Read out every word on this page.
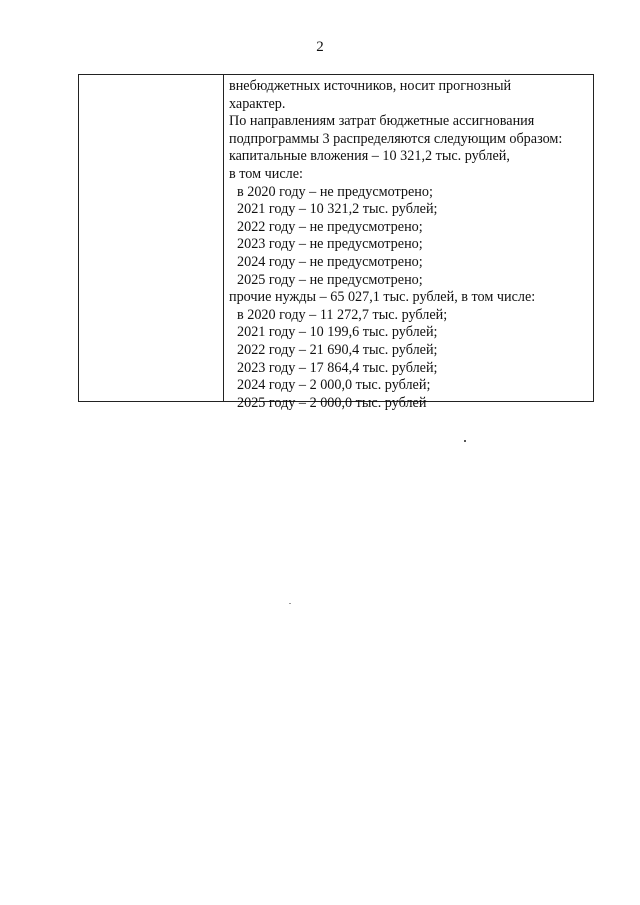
2
внебюджетных источников, носит прогнозный
характер.
По направлениям затрат бюджетные ассигнования
подпрограммы 3 распределяются следующим образом:
капитальные вложения – 10 321,2 тыс. рублей,
в том числе:
в 2020 году – не предусмотрено;
2021 году – 10 321,2 тыс. рублей;
2022 году – не предусмотрено;
2023 году – не предусмотрено;
2024 году – не предусмотрено;
2025 году – не предусмотрено;
прочие нужды – 65 027,1 тыс. рублей, в том числе:
в 2020 году – 11 272,7 тыс. рублей;
2021 году – 10 199,6 тыс. рублей;
2022 году – 21 690,4 тыс. рублей;
2023 году – 17 864,4 тыс. рублей;
2024 году – 2 000,0 тыс. рублей;
2025 году – 2 000,0 тыс. рублей
